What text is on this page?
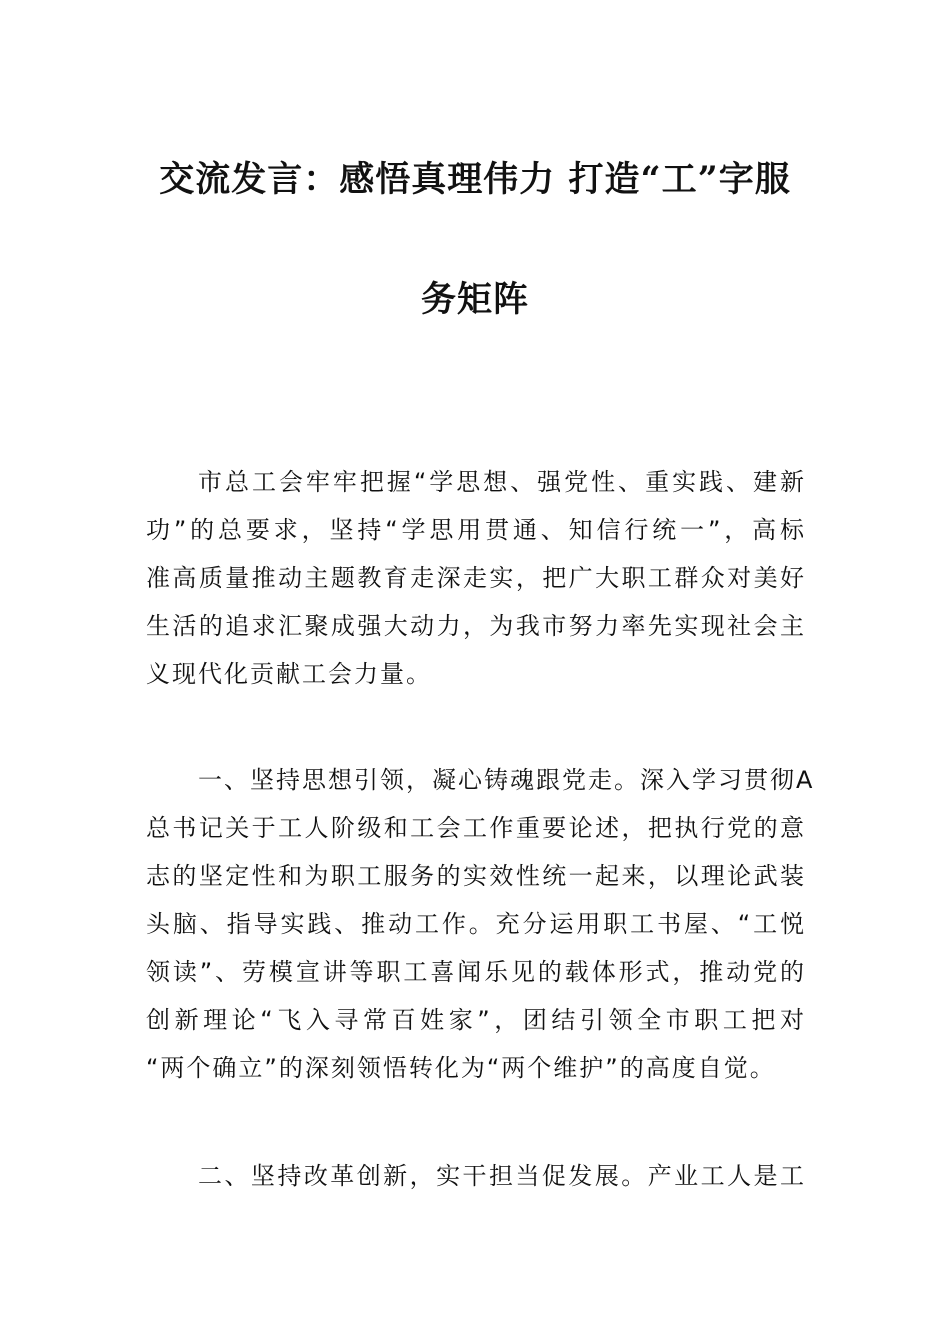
交流发言：感悟真理伟力 打造“工”字服
务矩阵
市总工会牢牢把握“学思想、强党性、重实践、建新
功”的总要求，坚持“学思用贯通、知信行统一”，高标
准高质量推动主题教育走深走实，把广大职工群众对美好
生活的追求汇聚成强大动力，为我市努力率先实现社会主
义现代化贡献工会力量。
一、坚持思想引领，凝心铸魂跟党走。深入学习贯彻A
总书记关于工人阶级和工会工作重要论述，把执行党的意
志的坚定性和为职工服务的实效性统一起来，以理论武装
头脑、指导实践、推动工作。充分运用职工书屋、“工悦
领读”、劳模宣讲等职工喜闻乐见的载体形式，推动党的
创新理论“飞入寻常百姓家”，团结引领全市职工把对
“两个确立”的深刻领悟转化为“两个维护”的高度自觉。
二、坚持改革创新，实干担当促发展。产业工人是工
